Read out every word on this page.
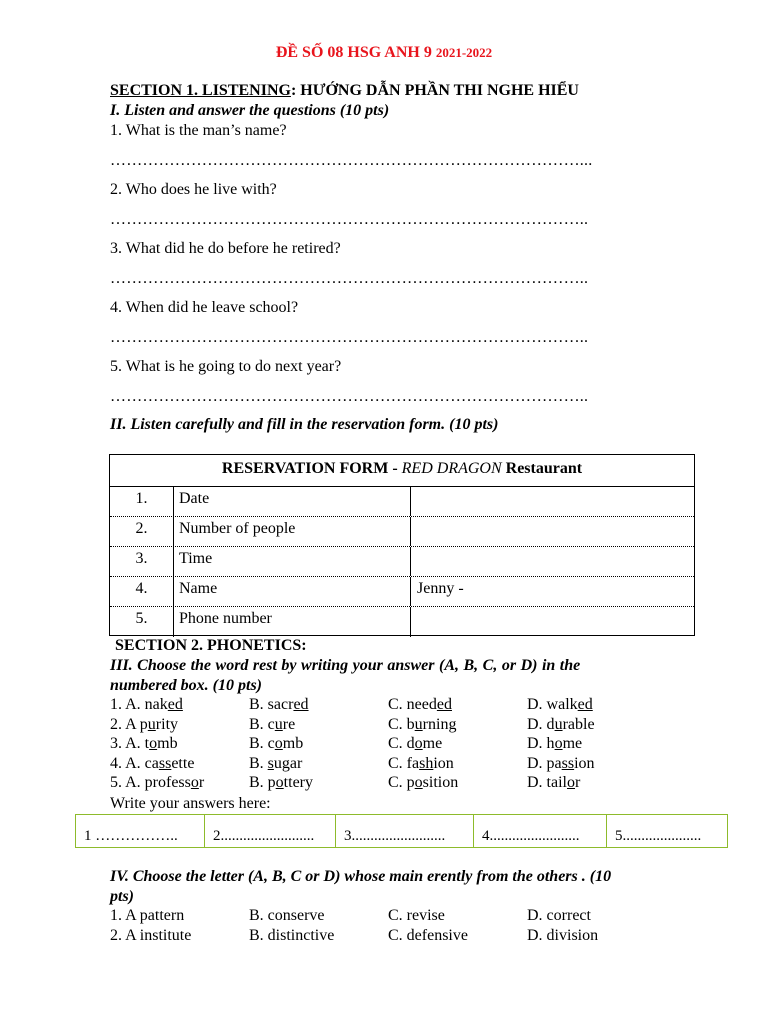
ĐỀ SỐ 08 HSG ANH 9 2021-2022
SECTION 1. LISTENING: HƯỚNG DẪN PHẦN THI NGHE HIỂU
I. Listen and answer the questions (10 pts)
1. What is the man’s name?
……………………………………………………………………………...
2. Who does he live with?
……………………………………………………………………………..
3. What did he do before he retired?
……………………………………………………………………………..
4. When did he leave school?
……………………………………………………………………………..
5. What is he going to do next year?
……………………………………………………………………………..
II. Listen carefully and fill in the reservation form. (10 pts)
RESERVATION FORM - RED DRAGON Restaurant
1.	Date
2.	Number of people
3.	Time
4.	Name	Jenny -
5.	Phone number
SECTION 2. PHONETICS:
III. Choose the word rest by writing your answer (A, B, C, or D) in the
numbered box. (10 pts)
1. A. naked	B. sacred	C. needed	D. walked
2. A purity	B. cure	C. burning	D. durable
3. A. tomb	B. comb	C. dome	D. home
4. A. cassette	B. sugar	C. fashion	D. passion
5. A. professor	B. pottery	C. position	D. tailor
Write your answers here:
1 ……………..	2.........................	3.........................	4........................	5.....................
IV. Choose the letter (A, B, C or D) whose main erently from the others . (10
pts)
1. A pattern	B. conserve	C. revise	D. correct
2. A institute	B. distinctive	C. defensive	D. division
